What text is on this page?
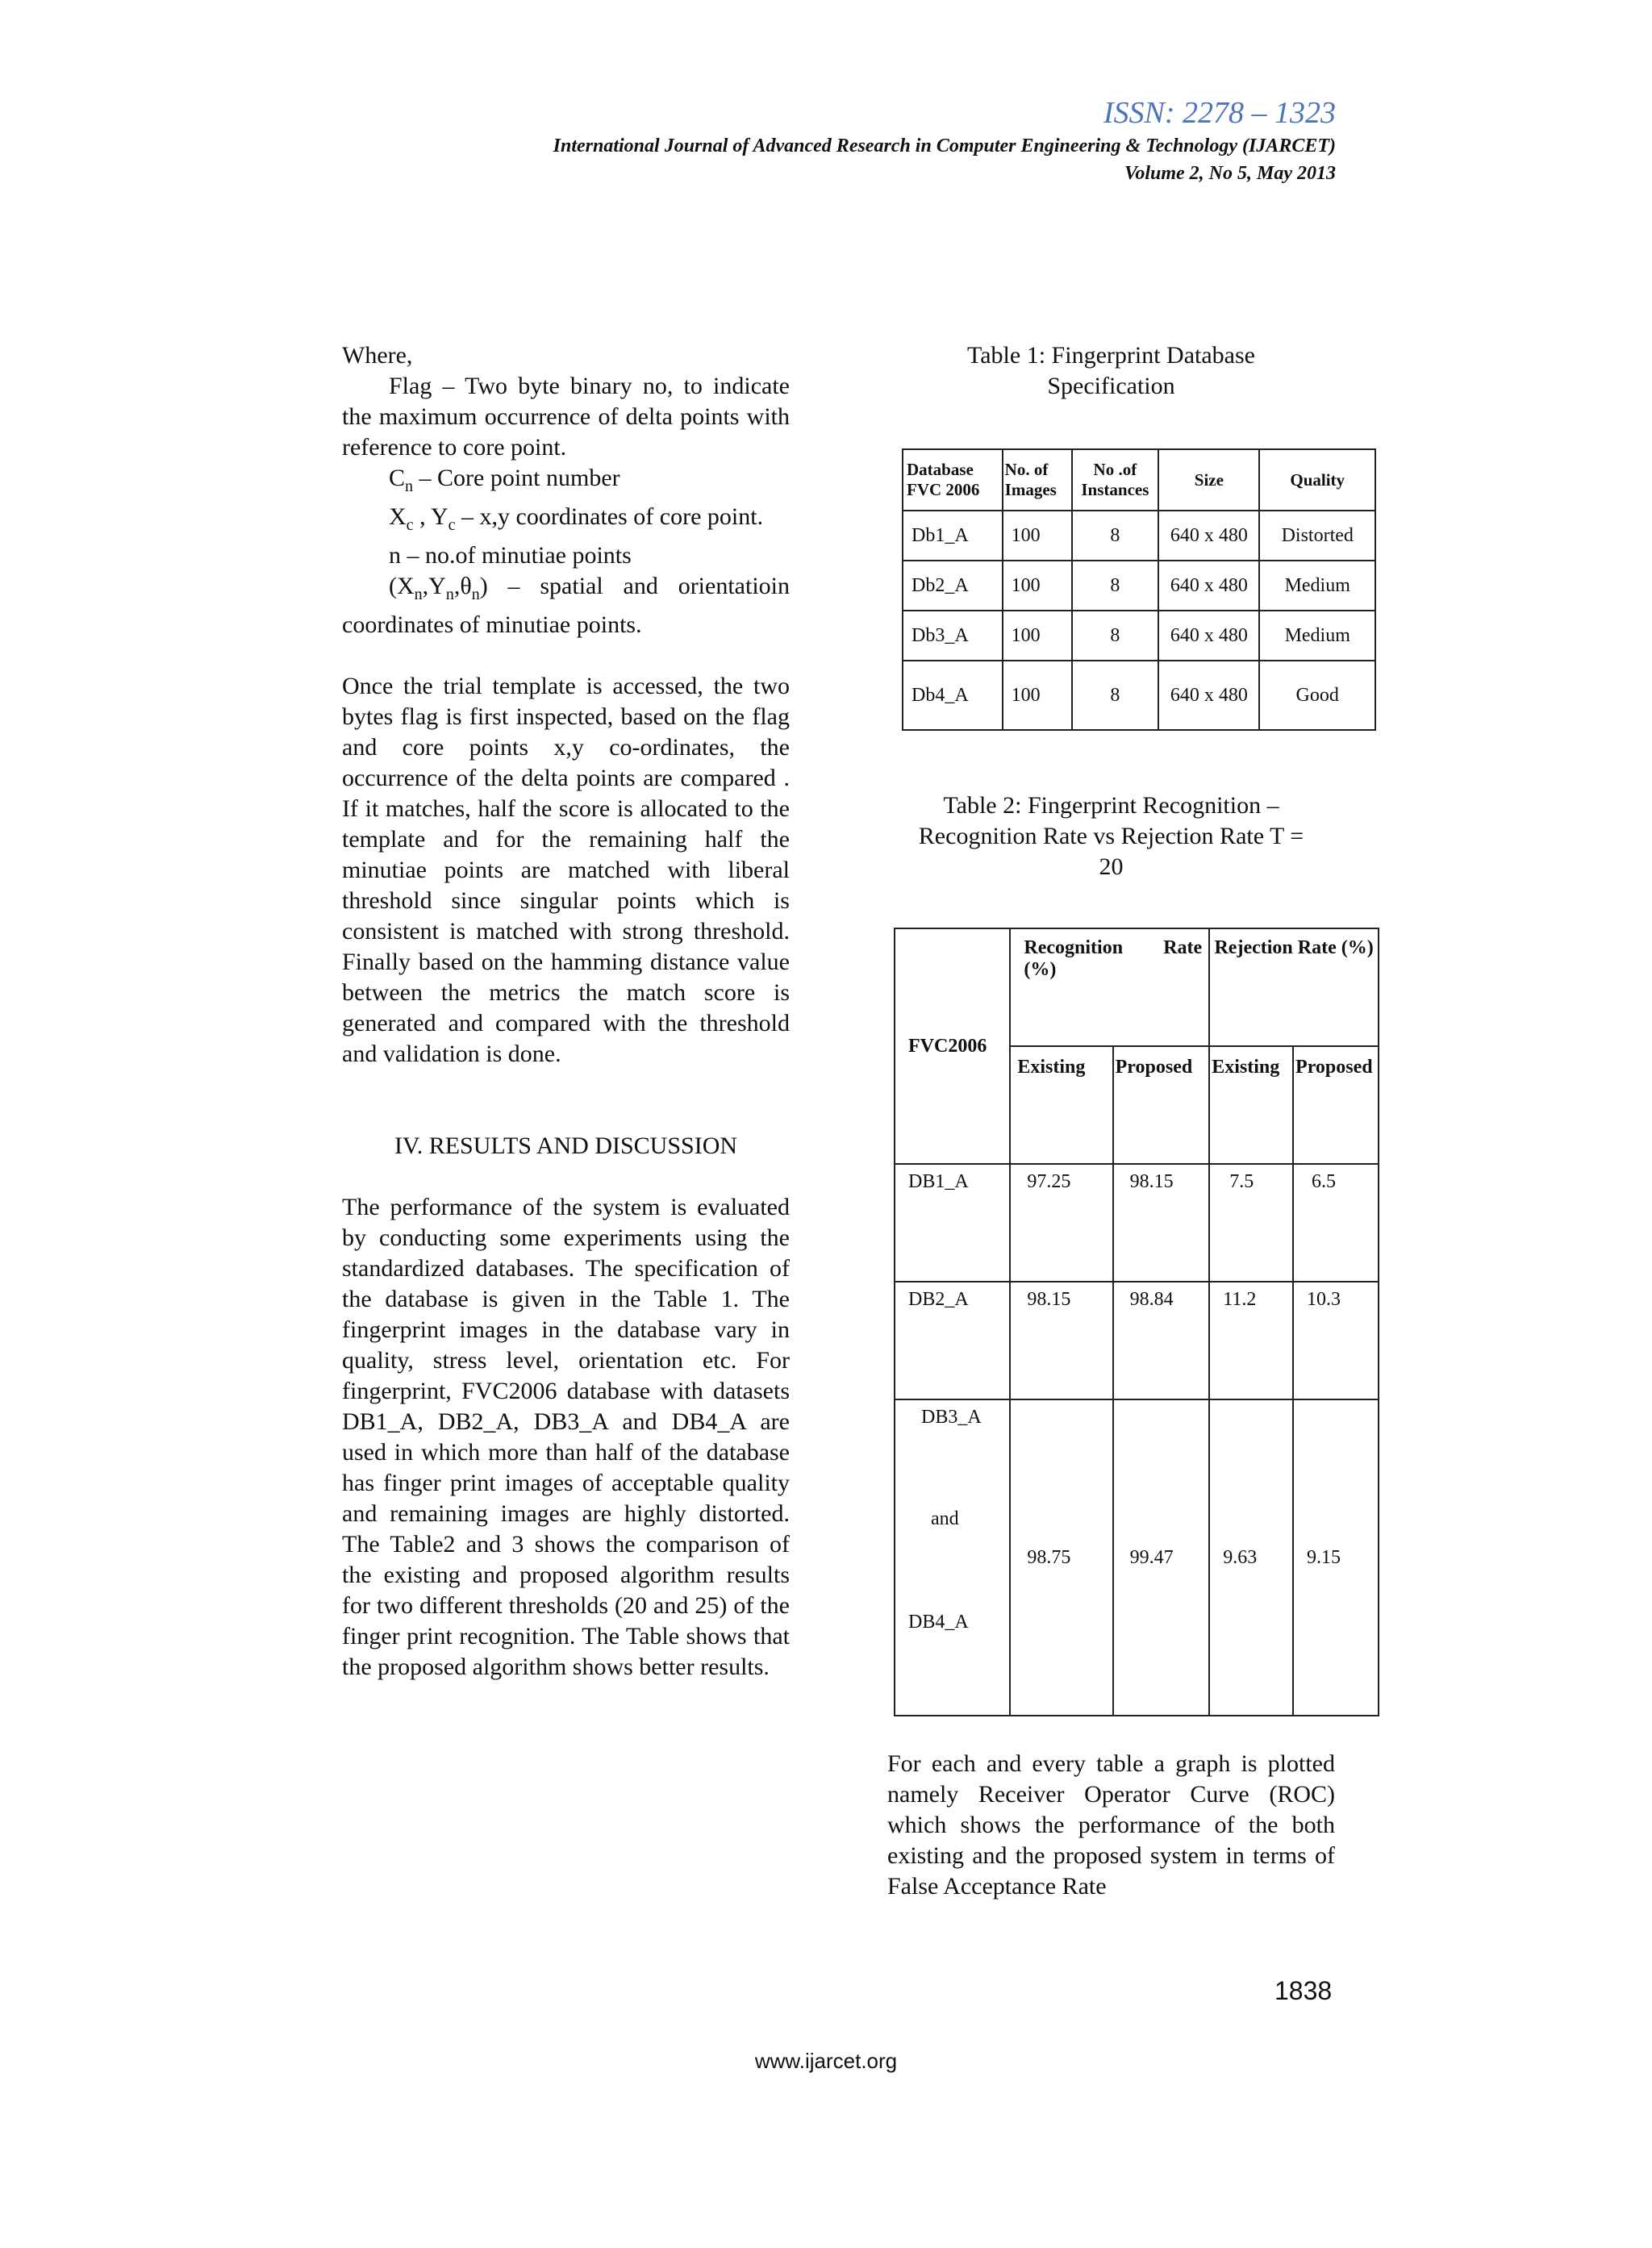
ISSN: 2278 – 1323
International Journal of Advanced Research in Computer Engineering & Technology (IJARCET)
Volume 2, No 5, May 2013

Where,

Flag – Two byte binary no, to indicate the maximum occurrence of delta points with reference to core point.

$C_n$ – Core point number

$X_c$ , $Y_c - x,y$ coordinates of core point.

n – no.of minutiae points

$(X_n,Y_n,\theta_n)$ – spatial and orientatioin coordinates of minutiae points.

Once the trial template is accessed, the two bytes flag is first inspected, based on the flag and core points x,y co-ordinates, the occurrence of the delta points are compared . If it matches, half the score is allocated to the template and for the remaining half the minutiae points are matched with liberal threshold since singular points which is consistent is matched with strong threshold. Finally based on the hamming distance value between the metrics the match score is generated and compared with the threshold and validation is done.

IV. RESULTS AND DISCUSSION

The performance of the system is evaluated by conducting some experiments using the standardized databases. The specification of the database is given in the Table 1. The fingerprint images in the database vary in quality, stress level, orientation etc. For fingerprint, FVC2006 database with datasets DB1_A, DB2_A, DB3_A and DB4_A are used in which more than half of the database has finger print images of acceptable quality and remaining images are highly distorted. The Table2 and 3 shows the comparison of the existing and proposed algorithm results for two different thresholds (20 and 25) of the finger print recognition. The Table shows that the proposed algorithm shows better results.

Table 1: Fingerprint Database

Specification

Database FVC 2006	No. of Images	No .of Instances	Size	Quality
Db1_A	100	8	640 x 480	Distorted
Db2_A	100	8	640 x 480	Medium
Db3_A	100	8	640 x 480	Medium
Db4_A	100	8	640 x 480	Good

Table 2: Fingerprint Recognition –

Recognition Rate vs Rejection Rate T =

20

FVC2006	Recognition Rate (%)		Rejection Rate (%)	
	Existing	Proposed	Existing	Proposed
DB1_A	97.25	98.15	7.5	6.5
DB2_A	98.15	98.84	11.2	10.3

DB3_A
and
DB4_A	98.75	99.47	9.63	9.15

For each and every table a graph is plotted namely Receiver Operator Curve (ROC) which shows the performance of the both existing and the proposed system in terms of False Acceptance Rate

1838
www.ijarcet.org
